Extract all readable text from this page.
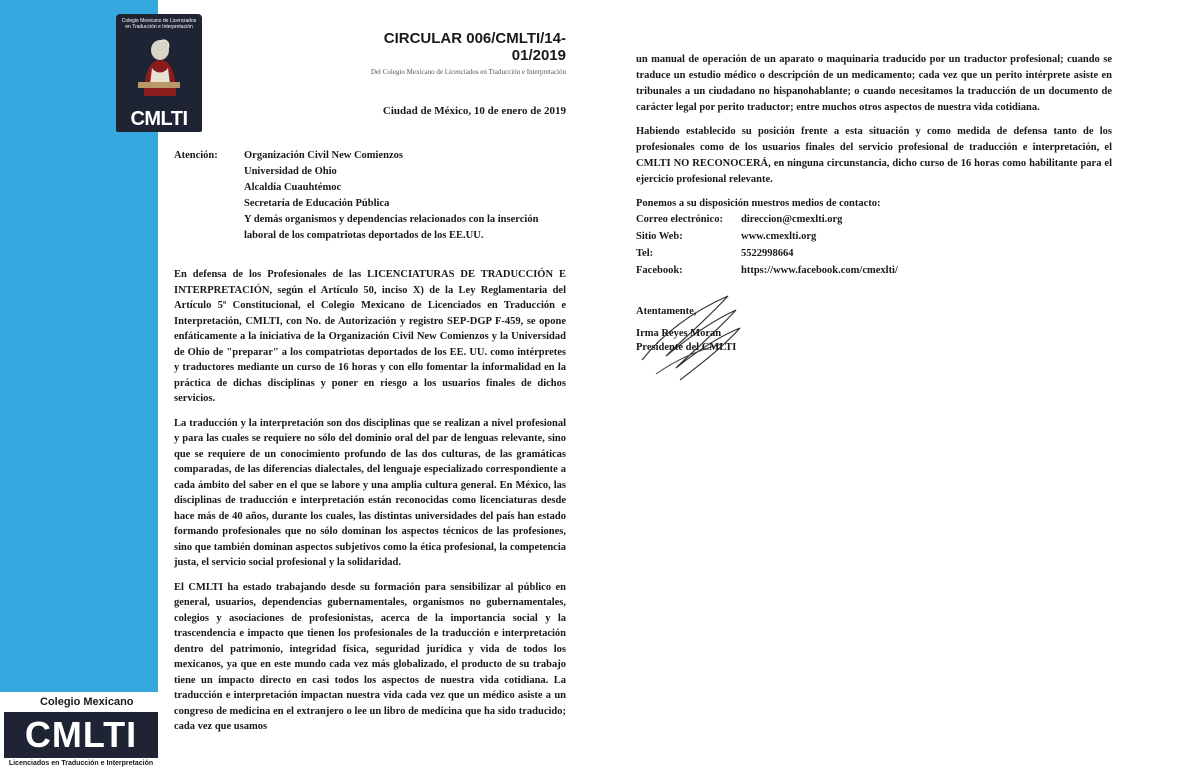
Colegio Mexicano de Licenciados en Traducción e Interpretación
CMLTI
CIRCULAR 006/CMLTI/14-01/2019
Del Colegio Mexicano de Licenciados en Traducción e Interpretación
Ciudad de México, 10 de enero de 2019
Atención:	Organización Civil New Comienzos
Universidad de Ohio
Alcaldía Cuauhtémoc
Secretaría de Educación Pública
Y demás organismos y dependencias relacionados con la inserción laboral de los compatriotas deportados de los EE.UU.

En defensa de los Profesionales de las LICENCIATURAS DE TRADUCCIÓN E INTERPRETACIÓN, según el Artículo 50, inciso X) de la Ley Reglamentaria del Artículo 5º Constitucional, el Colegio Mexicano de Licenciados en Traducción e Interpretación, CMLTI, con No. de Autorización y registro SEP-DGP F-459, se opone enfáticamente a la iniciativa de la Organización Civil New Comienzos y la Universidad de Ohio de "preparar" a los compatriotas deportados de los EE. UU. como intérpretes y traductores mediante un curso de 16 horas y con ello fomentar la informalidad en la práctica de dichas disciplinas y poner en riesgo a los usuarios finales de dichos servicios.

La traducción y la interpretación son dos disciplinas que se realizan a nivel profesional y para las cuales se requiere no sólo del dominio oral del par de lenguas relevante, sino que se requiere de un conocimiento profundo de las dos culturas, de las gramáticas comparadas, de las diferencias dialectales, del lenguaje especializado correspondiente a cada ámbito del saber en el que se labore y una amplia cultura general. En México, las disciplinas de traducción e interpretación están reconocidas como licenciaturas desde hace más de 40 años, durante los cuales, las distintas universidades del país han estado formando profesionales que no sólo dominan los aspectos técnicos de las profesiones, sino que también dominan aspectos subjetivos como la ética profesional, la competencia justa, el servicio social profesional y la solidaridad.

El CMLTI ha estado trabajando desde su formación para sensibilizar al público en general, usuarios, dependencias gubernamentales, organismos no gubernamentales, colegios y asociaciones de profesionistas, acerca de la importancia social y la trascendencia e impacto que tienen los profesionales de la traducción e interpretación dentro del patrimonio, integridad física, seguridad jurídica y vida de todos los mexicanos, ya que en este mundo cada vez más globalizado, el producto de su trabajo tiene un impacto directo en casi todos los aspectos de nuestra vida cotidiana. La traducción e interpretación impactan nuestra vida cada vez que un médico asiste a un congreso de medicina en el extranjero o lee un libro de medicina que ha sido traducido; cada vez que usamos

un manual de operación de un aparato o maquinaria traducido por un traductor profesional; cuando se traduce un estudio médico o descripción de un medicamento; cada vez que un perito intérprete asiste en tribunales a un ciudadano no hispanohablante; o cuando necesitamos la traducción de un documento de carácter legal por perito traductor; entre muchos otros aspectos de nuestra vida cotidiana.

Habiendo establecido su posición frente a esta situación y como medida de defensa tanto de los profesionales como de los usuarios finales del servicio profesional de traducción e interpretación, el CMLTI NO RECONOCERÁ, en ninguna circunstancia, dicho curso de 16 horas como habilitante para el ejercicio profesional relevante.

Ponemos a su disposición nuestros medios de contacto:

Correo electrónico: direccion@cmexlti.org
Sitio Web:	www.cmexlti.org
Tel:	5522998664
Facebook:	https://www.facebook.com/cmexlti/
Atentamente,
Irma Reyes Moran
Presidente del CMLTI
Colegio Mexicano
CMLTI
Licenciados en Traducción e Interpretación
